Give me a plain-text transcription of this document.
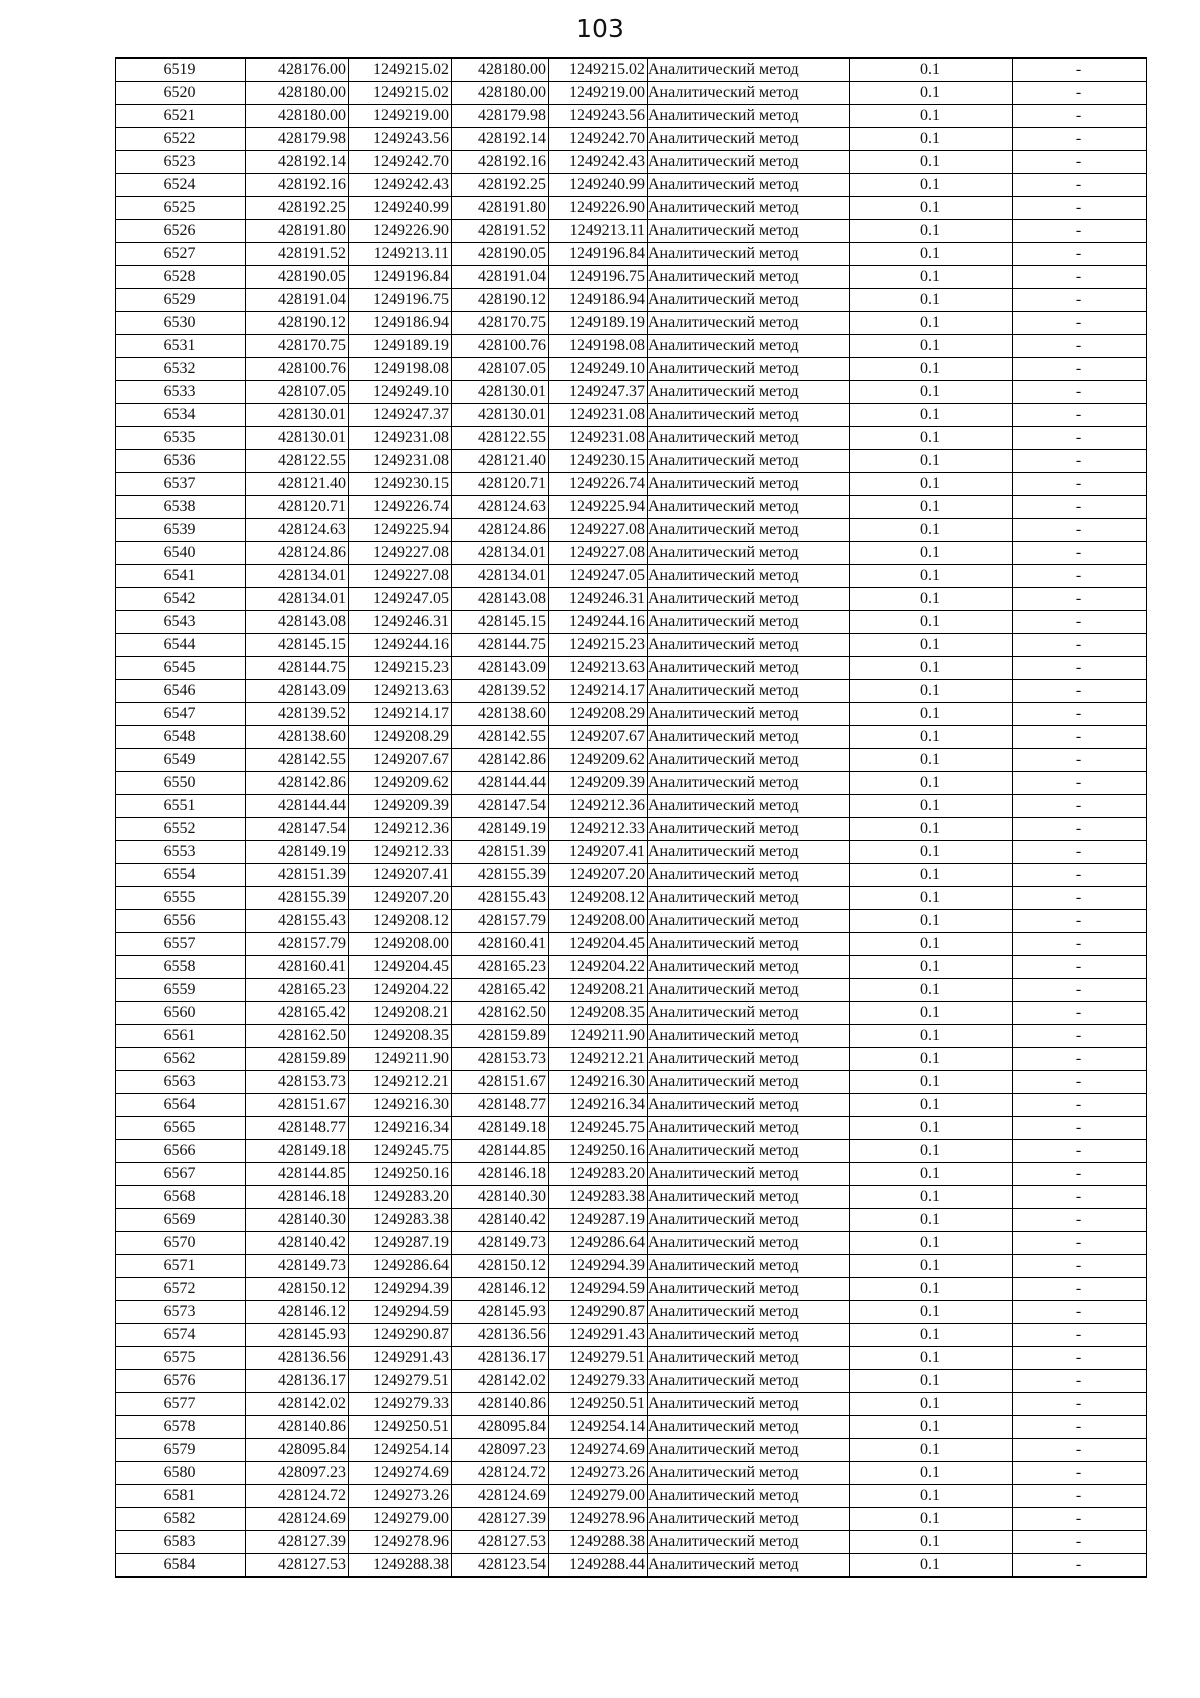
103
6519	428176.00	1249215.02	428180.00	1249215.02	Аналитический метод	0.1	-
6520	428180.00	1249215.02	428180.00	1249219.00	Аналитический метод	0.1	-
6521	428180.00	1249219.00	428179.98	1249243.56	Аналитический метод	0.1	-
6522	428179.98	1249243.56	428192.14	1249242.70	Аналитический метод	0.1	-
6523	428192.14	1249242.70	428192.16	1249242.43	Аналитический метод	0.1	-
6524	428192.16	1249242.43	428192.25	1249240.99	Аналитический метод	0.1	-
6525	428192.25	1249240.99	428191.80	1249226.90	Аналитический метод	0.1	-
6526	428191.80	1249226.90	428191.52	1249213.11	Аналитический метод	0.1	-
6527	428191.52	1249213.11	428190.05	1249196.84	Аналитический метод	0.1	-
6528	428190.05	1249196.84	428191.04	1249196.75	Аналитический метод	0.1	-
6529	428191.04	1249196.75	428190.12	1249186.94	Аналитический метод	0.1	-
6530	428190.12	1249186.94	428170.75	1249189.19	Аналитический метод	0.1	-
6531	428170.75	1249189.19	428100.76	1249198.08	Аналитический метод	0.1	-
6532	428100.76	1249198.08	428107.05	1249249.10	Аналитический метод	0.1	-
6533	428107.05	1249249.10	428130.01	1249247.37	Аналитический метод	0.1	-
6534	428130.01	1249247.37	428130.01	1249231.08	Аналитический метод	0.1	-
6535	428130.01	1249231.08	428122.55	1249231.08	Аналитический метод	0.1	-
6536	428122.55	1249231.08	428121.40	1249230.15	Аналитический метод	0.1	-
6537	428121.40	1249230.15	428120.71	1249226.74	Аналитический метод	0.1	-
6538	428120.71	1249226.74	428124.63	1249225.94	Аналитический метод	0.1	-
6539	428124.63	1249225.94	428124.86	1249227.08	Аналитический метод	0.1	-
6540	428124.86	1249227.08	428134.01	1249227.08	Аналитический метод	0.1	-
6541	428134.01	1249227.08	428134.01	1249247.05	Аналитический метод	0.1	-
6542	428134.01	1249247.05	428143.08	1249246.31	Аналитический метод	0.1	-
6543	428143.08	1249246.31	428145.15	1249244.16	Аналитический метод	0.1	-
6544	428145.15	1249244.16	428144.75	1249215.23	Аналитический метод	0.1	-
6545	428144.75	1249215.23	428143.09	1249213.63	Аналитический метод	0.1	-
6546	428143.09	1249213.63	428139.52	1249214.17	Аналитический метод	0.1	-
6547	428139.52	1249214.17	428138.60	1249208.29	Аналитический метод	0.1	-
6548	428138.60	1249208.29	428142.55	1249207.67	Аналитический метод	0.1	-
6549	428142.55	1249207.67	428142.86	1249209.62	Аналитический метод	0.1	-
6550	428142.86	1249209.62	428144.44	1249209.39	Аналитический метод	0.1	-
6551	428144.44	1249209.39	428147.54	1249212.36	Аналитический метод	0.1	-
6552	428147.54	1249212.36	428149.19	1249212.33	Аналитический метод	0.1	-
6553	428149.19	1249212.33	428151.39	1249207.41	Аналитический метод	0.1	-
6554	428151.39	1249207.41	428155.39	1249207.20	Аналитический метод	0.1	-
6555	428155.39	1249207.20	428155.43	1249208.12	Аналитический метод	0.1	-
6556	428155.43	1249208.12	428157.79	1249208.00	Аналитический метод	0.1	-
6557	428157.79	1249208.00	428160.41	1249204.45	Аналитический метод	0.1	-
6558	428160.41	1249204.45	428165.23	1249204.22	Аналитический метод	0.1	-
6559	428165.23	1249204.22	428165.42	1249208.21	Аналитический метод	0.1	-
6560	428165.42	1249208.21	428162.50	1249208.35	Аналитический метод	0.1	-
6561	428162.50	1249208.35	428159.89	1249211.90	Аналитический метод	0.1	-
6562	428159.89	1249211.90	428153.73	1249212.21	Аналитический метод	0.1	-
6563	428153.73	1249212.21	428151.67	1249216.30	Аналитический метод	0.1	-
6564	428151.67	1249216.30	428148.77	1249216.34	Аналитический метод	0.1	-
6565	428148.77	1249216.34	428149.18	1249245.75	Аналитический метод	0.1	-
6566	428149.18	1249245.75	428144.85	1249250.16	Аналитический метод	0.1	-
6567	428144.85	1249250.16	428146.18	1249283.20	Аналитический метод	0.1	-
6568	428146.18	1249283.20	428140.30	1249283.38	Аналитический метод	0.1	-
6569	428140.30	1249283.38	428140.42	1249287.19	Аналитический метод	0.1	-
6570	428140.42	1249287.19	428149.73	1249286.64	Аналитический метод	0.1	-
6571	428149.73	1249286.64	428150.12	1249294.39	Аналитический метод	0.1	-
6572	428150.12	1249294.39	428146.12	1249294.59	Аналитический метод	0.1	-
6573	428146.12	1249294.59	428145.93	1249290.87	Аналитический метод	0.1	-
6574	428145.93	1249290.87	428136.56	1249291.43	Аналитический метод	0.1	-
6575	428136.56	1249291.43	428136.17	1249279.51	Аналитический метод	0.1	-
6576	428136.17	1249279.51	428142.02	1249279.33	Аналитический метод	0.1	-
6577	428142.02	1249279.33	428140.86	1249250.51	Аналитический метод	0.1	-
6578	428140.86	1249250.51	428095.84	1249254.14	Аналитический метод	0.1	-
6579	428095.84	1249254.14	428097.23	1249274.69	Аналитический метод	0.1	-
6580	428097.23	1249274.69	428124.72	1249273.26	Аналитический метод	0.1	-
6581	428124.72	1249273.26	428124.69	1249279.00	Аналитический метод	0.1	-
6582	428124.69	1249279.00	428127.39	1249278.96	Аналитический метод	0.1	-
6583	428127.39	1249278.96	428127.53	1249288.38	Аналитический метод	0.1	-
6584	428127.53	1249288.38	428123.54	1249288.44	Аналитический метод	0.1	-
